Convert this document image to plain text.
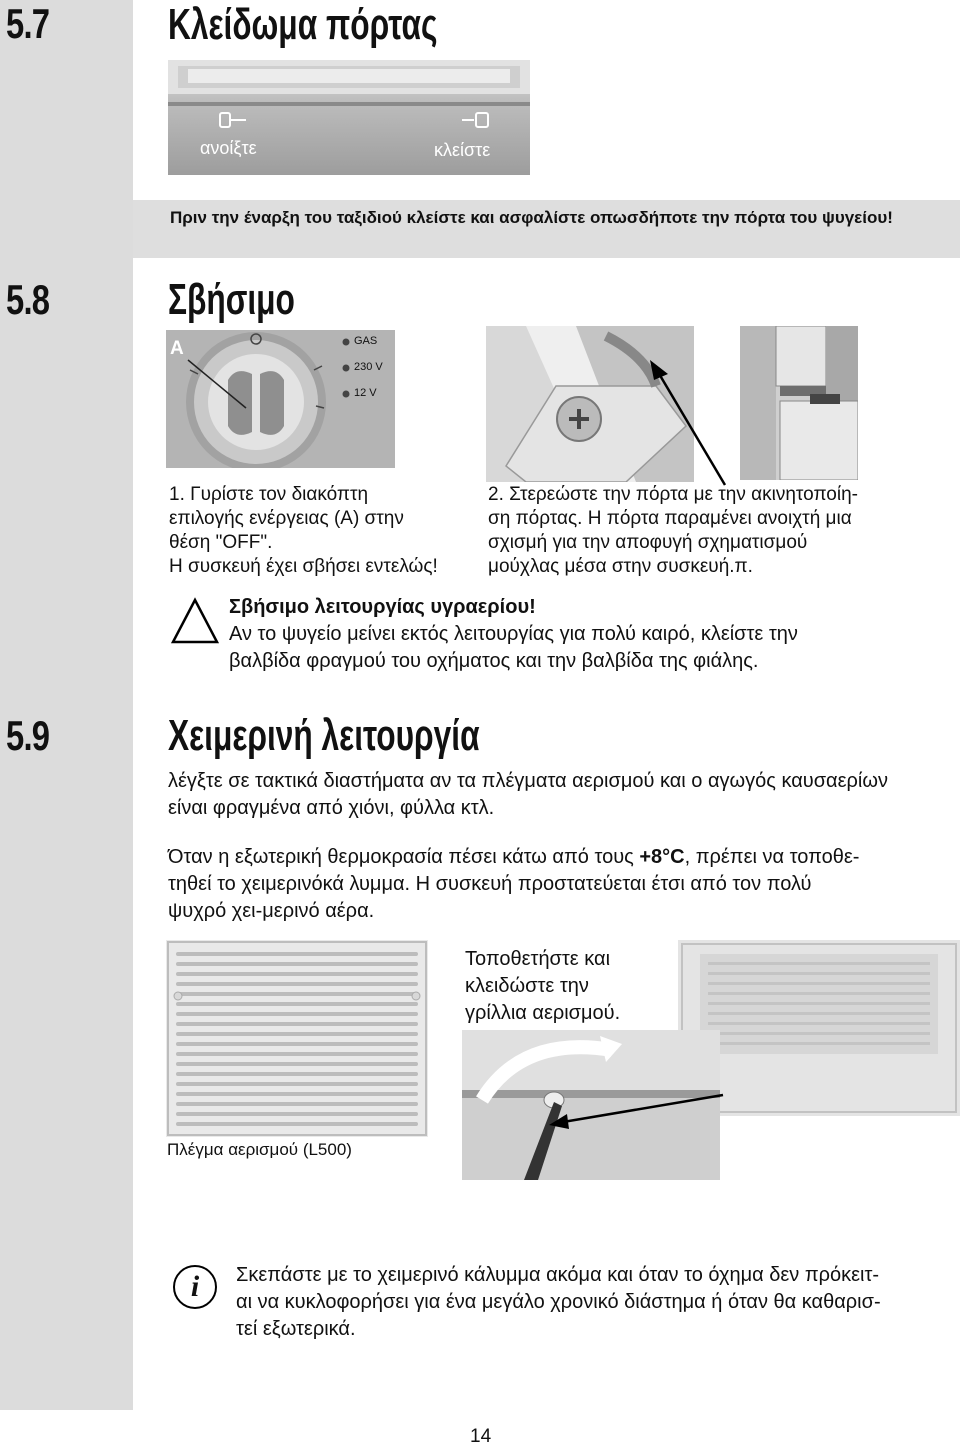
5.7	Κλείδωμα πόρτας
ανοίξτε	κλείστε
Πριν την έναρξη του ταξιδιού κλείστε και ασφαλίστε οπωσδήποτε την πόρτα του ψυγείου!
5.8	Σβήσιμο
A	GAS
230 V
12 V
1. Γυρίστε τον διακόπτη
επιλογής ενέργειας (A) στην
θέση "OFF".
Η συσκευή έχει σβήσει εντελώς!
2. Στερεώστε την πόρτα με την ακινητοποίη-
ση πόρτας. Η πόρτα παραμένει ανοιχτή μια
σχισμή για την αποφυγή σχηματισμού
μούχλας μέσα στην συσκευή.π.
Σβήσιμο λειτουργίας υγραερίου!
Αν το ψυγείο μείνει εκτός λειτουργίας για πολύ καιρό, κλείστε την
βαλβίδα φραγμού του οχήματος και την βαλβίδα της φιάλης.
5.9	Χειμερινή λειτουργία
λέγξτε σε τακτικά διαστήματα αν τα πλέγματα αερισμού και ο αγωγός καυσαερίων
είναι φραγμένα από χιόνι, φύλλα κτλ.
Όταν η εξωτερική θερμοκρασία πέσει κάτω από τους +8°C, πρέπει να τοποθε-
τηθεί το χειμερινόκά λυμμα. Η συσκευή προστατεύεται έτσι από τον πολύ
ψυχρό χει-μερινό αέρα.
Πλέγμα αερισμού (L500)
Τοποθετήστε και
κλειδώστε την
γρίλλια αερισμού.
i	Σκεπάστε με το χειμερινό κάλυμμα ακόμα και όταν το όχημα δεν πρόκειτ-
αι να κυκλοφορήσει για ένα μεγάλο χρονικό διάστημα ή όταν θα καθαρισ-
τεί εξωτερικά.
14
